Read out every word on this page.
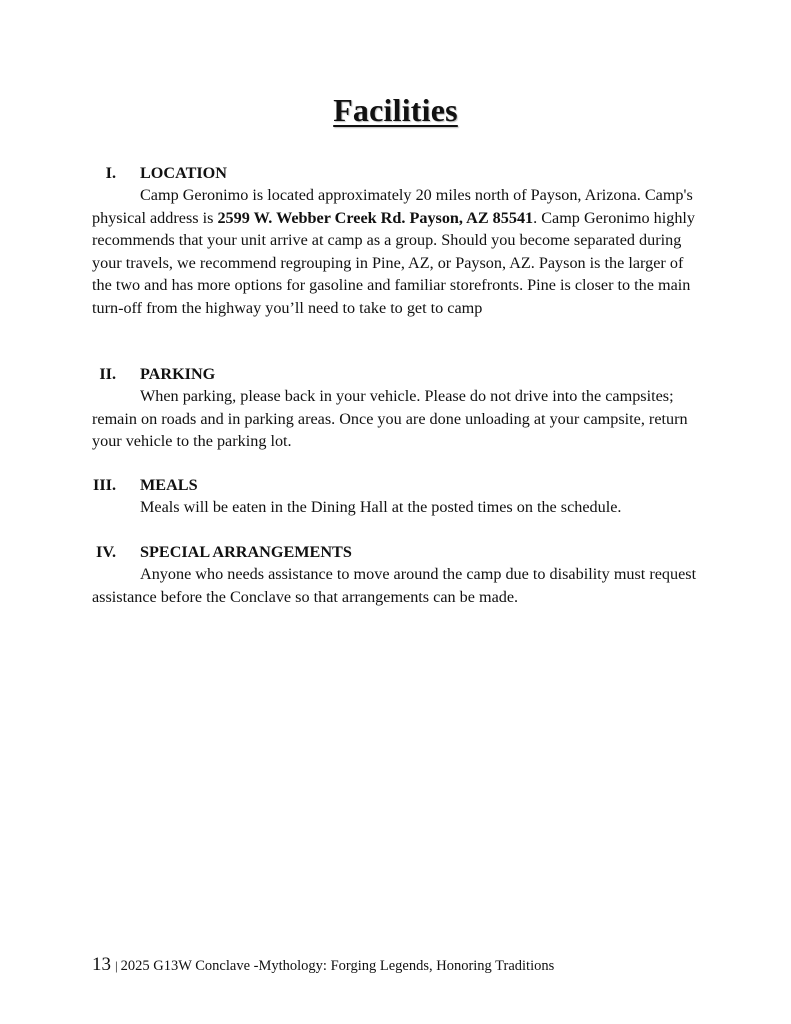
Facilities
I. LOCATION

Camp Geronimo is located approximately 20 miles north of Payson, Arizona. Camp's physical address is 2599 W. Webber Creek Rd. Payson, AZ 85541. Camp Geronimo highly recommends that your unit arrive at camp as a group. Should you become separated during your travels, we recommend regrouping in Pine, AZ, or Payson, AZ. Payson is the larger of the two and has more options for gasoline and familiar storefronts. Pine is closer to the main turn-off from the highway you’ll need to take to get to camp

II. PARKING

When parking, please back in your vehicle. Please do not drive into the campsites; remain on roads and in parking areas. Once you are done unloading at your campsite, return your vehicle to the parking lot.

III. MEALS

Meals will be eaten in the Dining Hall at the posted times on the schedule.

IV. SPECIAL ARRANGEMENTS

Anyone who needs assistance to move around the camp due to disability must request assistance before the Conclave so that arrangements can be made.

13 | 2025 G13W Conclave -Mythology: Forging Legends, Honoring Traditions
